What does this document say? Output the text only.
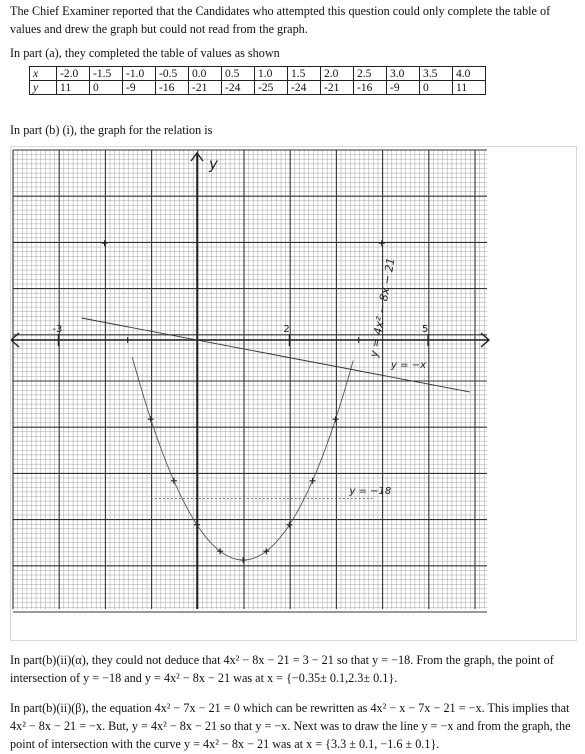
The Chief Examiner reported that the Candidates who attempted this question could only complete the table of values and drew the graph but could not read from the graph.
In part (a), they completed the table of values as shown
x	-2.0	-1.5	-1.0	-0.5	0.0	0.5	1.0	1.5	2.0	2.5	3.0	3.5	4.0
y	11	0	-9	-16	-21	-24	-25	-24	-21	-16	-9	0	11
In part (b) (i), the graph for the relation is
y
-3	2	5
y = 4x² − 8x − 21
y = −x
y = −18
In part(b)(ii)(α), they could not deduce that 4x² − 8x − 21 = 3 − 21 so that y = −18. From the graph, the point of intersection of y = −18 and y = 4x² − 8x − 21 was at x = {−0.35± 0.1,2.3± 0.1}.
In part(b)(ii)(β), the equation 4x² − 7x − 21 = 0 which can be rewritten as 4x² − x − 7x − 21 = −x. This implies that 4x² − 8x − 21 = −x. But, y = 4x² − 8x − 21 so that y = −x. Next was to draw the line y = −x and from the graph, the point of intersection with the curve y = 4x² − 8x − 21 was at x = {3.3 ± 0.1, −1.6 ± 0.1}.
